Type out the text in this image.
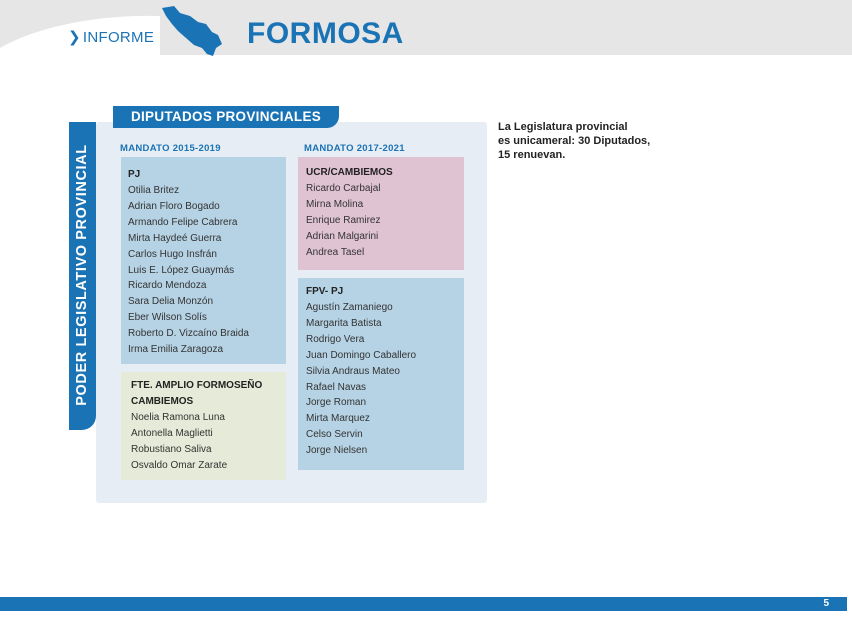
❯ INFORME	FORMOSA
PODER LEGISLATIVO PROVINCIAL
DIPUTADOS PROVINCIALES
MANDATO 2015-2019	MANDATO 2017-2021
PJ
Otilia Britez
Adrian Floro Bogado
Armando Felipe Cabrera
Mirta Haydeé Guerra
Carlos Hugo Insfrán
Luis E. López Guaymás
Ricardo Mendoza
Sara Delia Monzón
Eber Wilson Solís
Roberto D. Vizcaíno Braida
Irma Emilia Zaragoza
FTE. AMPLIO FORMOSEÑO
CAMBIEMOS
Noelia Ramona Luna
Antonella Maglietti
Robustiano Saliva
Osvaldo Omar Zarate
UCR/CAMBIEMOS
Ricardo Carbajal
Mirna Molina
Enrique Ramirez
Adrian Malgarini
Andrea Tasel
FPV- PJ
Agustín Zamaniego
Margarita Batista
Rodrigo Vera
Juan Domingo Caballero
Silvia Andraus Mateo
Rafael Navas
Jorge Roman
Mirta Marquez
Celso Servin
Jorge Nielsen
La Legislatura provincial
es unicameral: 30 Diputados,
15 renuevan.
5
